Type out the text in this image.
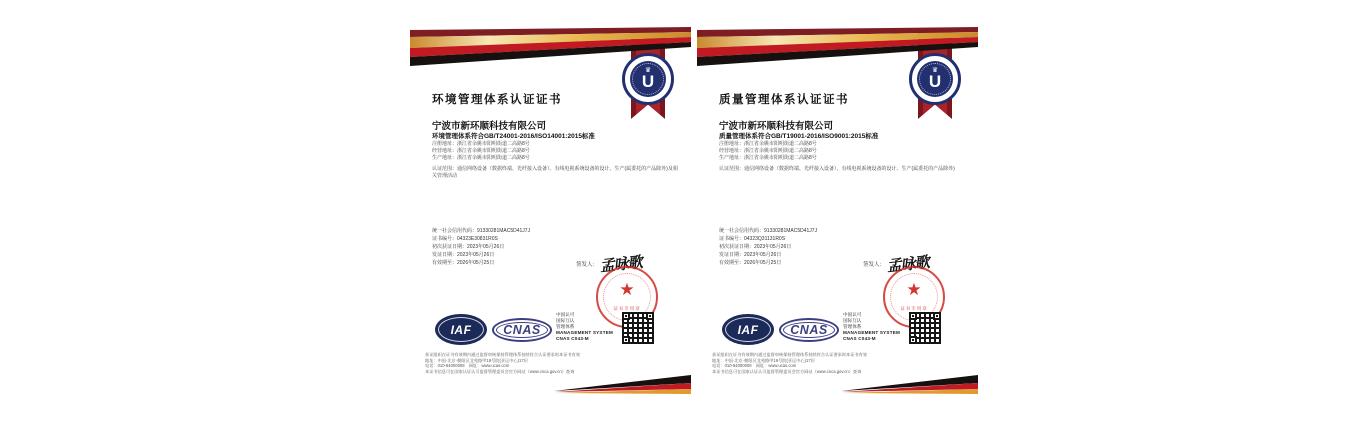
♛
U
环境管理体系认证证书
宁波市新环顺科技有限公司
环境管理体系符合GB/T24001-2016/ISO14001:2015标准
注册地址：浙江省余姚市阳明街道二高路8号
经营地址：浙江省余姚市阳明街道二高路8号
生产地址：浙江省余姚市阳明街道二高路8号
认证范围：通信网络设备（数据终端、光纤接入设备）、有线电视系统设备的设计、生产(属委托的产品除外)及相关管理活动
统一社会信用代码：91330281MAC5D41J7J
证书编号：04323E30831R0S
初次获证日期：2023年05月26日
发证日期：2023年05月26日
有效期至：2026年05月25日	签发人： 孟咏歌
★
证书专用章
IAF	CNAS
中国认可
国际互认
管理体系
MANAGEMENT SYSTEM
CNAS C043-M
获证组织在证书有效期内通过监督审核保持管理体系持续符合认证要求时本证书有效
地址：中国·北京·朝阳区北苑路甲19号院(亚运中心)17层
电话：010-84000008　网址：www.ucas.com
本证书信息可在国家认证认可监督管理委员会官方网站（www.cnca.gov.cn）查询
♛
U
质量管理体系认证证书
宁波市新环顺科技有限公司
质量管理体系符合GB/T19001-2016/ISO9001:2015标准
注册地址：浙江省余姚市阳明街道二高路8号
经营地址：浙江省余姚市阳明街道二高路8号
生产地址：浙江省余姚市阳明街道二高路8号
认证范围：通信网络设备（数据终端、光纤接入设备）、有线电视系统设备的设计、生产(属委托的产品除外)
统一社会信用代码：91330281MAC5D41J7J
证书编号：04323Q31131R0S
初次获证日期：2023年05月26日
发证日期：2023年05月26日
有效期至：2026年05月25日	签发人： 孟咏歌
★
证书专用章
IAF	CNAS
中国认可
国际互认
管理体系
MANAGEMENT SYSTEM
CNAS C043-M
获证组织在证书有效期内通过监督审核保持管理体系持续符合认证要求时本证书有效
地址：中国·北京·朝阳区北苑路甲19号院(亚运中心)17层
电话：010-84000008　网址：www.ucas.com
本证书信息可在国家认证认可监督管理委员会官方网站（www.cnca.gov.cn）查询
